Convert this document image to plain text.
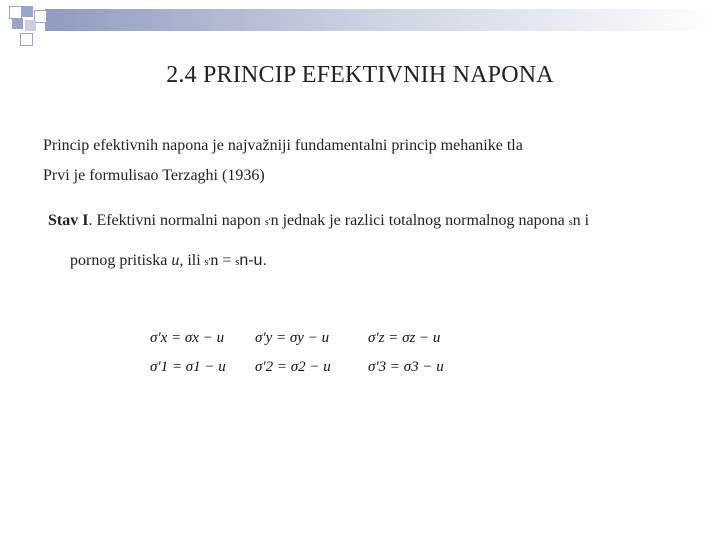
2.4 PRINCIP EFEKTIVNIH NAPONA
Princip efektivnih napona je najvažniji fundamentalni princip mehanike tla
Prvi je formulisao Terzaghi (1936)
Stav I. Efektivni normalni napon s'n jednak je razlici totalnog normalnog napona sn i
pornog pritiska u, ili s'n = sn-u.
σ'x = σx − u σ'y = σy − u	σ'z = σz − u
σ'1 = σ1 − u σ'2 = σ2 − u σ'3 = σ3 − u
